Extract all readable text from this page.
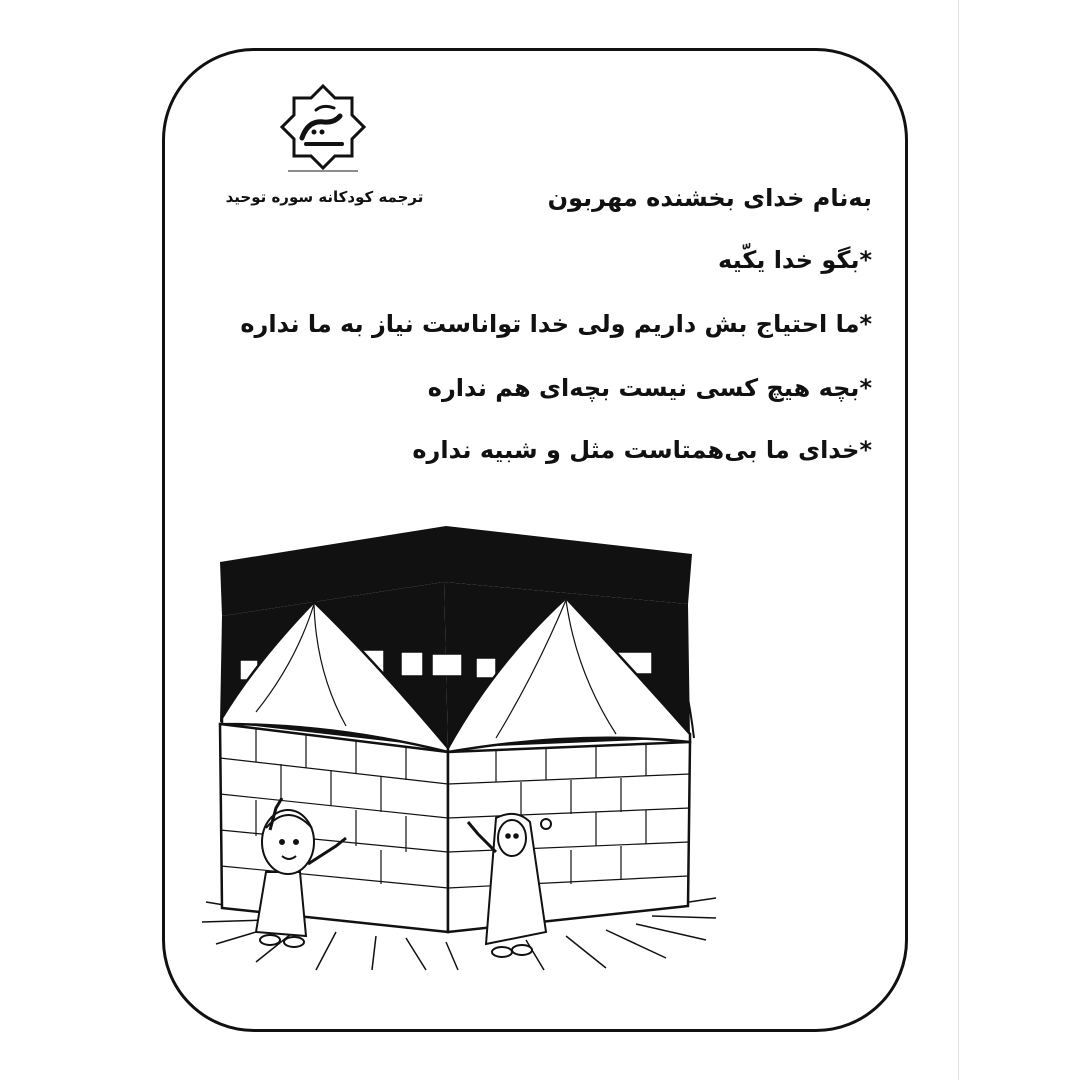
ترجمه کودکانه سوره توحید	به‌نام خدای بخشنده مهربون
*بگو خدا یکّیه
*ما احتیاج بش داریم ولی خدا تواناست نیاز به ما نداره
*بچه هیچ کسی نیست بچه‌ای هم نداره
*خدای ما بی‌همتاست مثل و شبیه نداره
